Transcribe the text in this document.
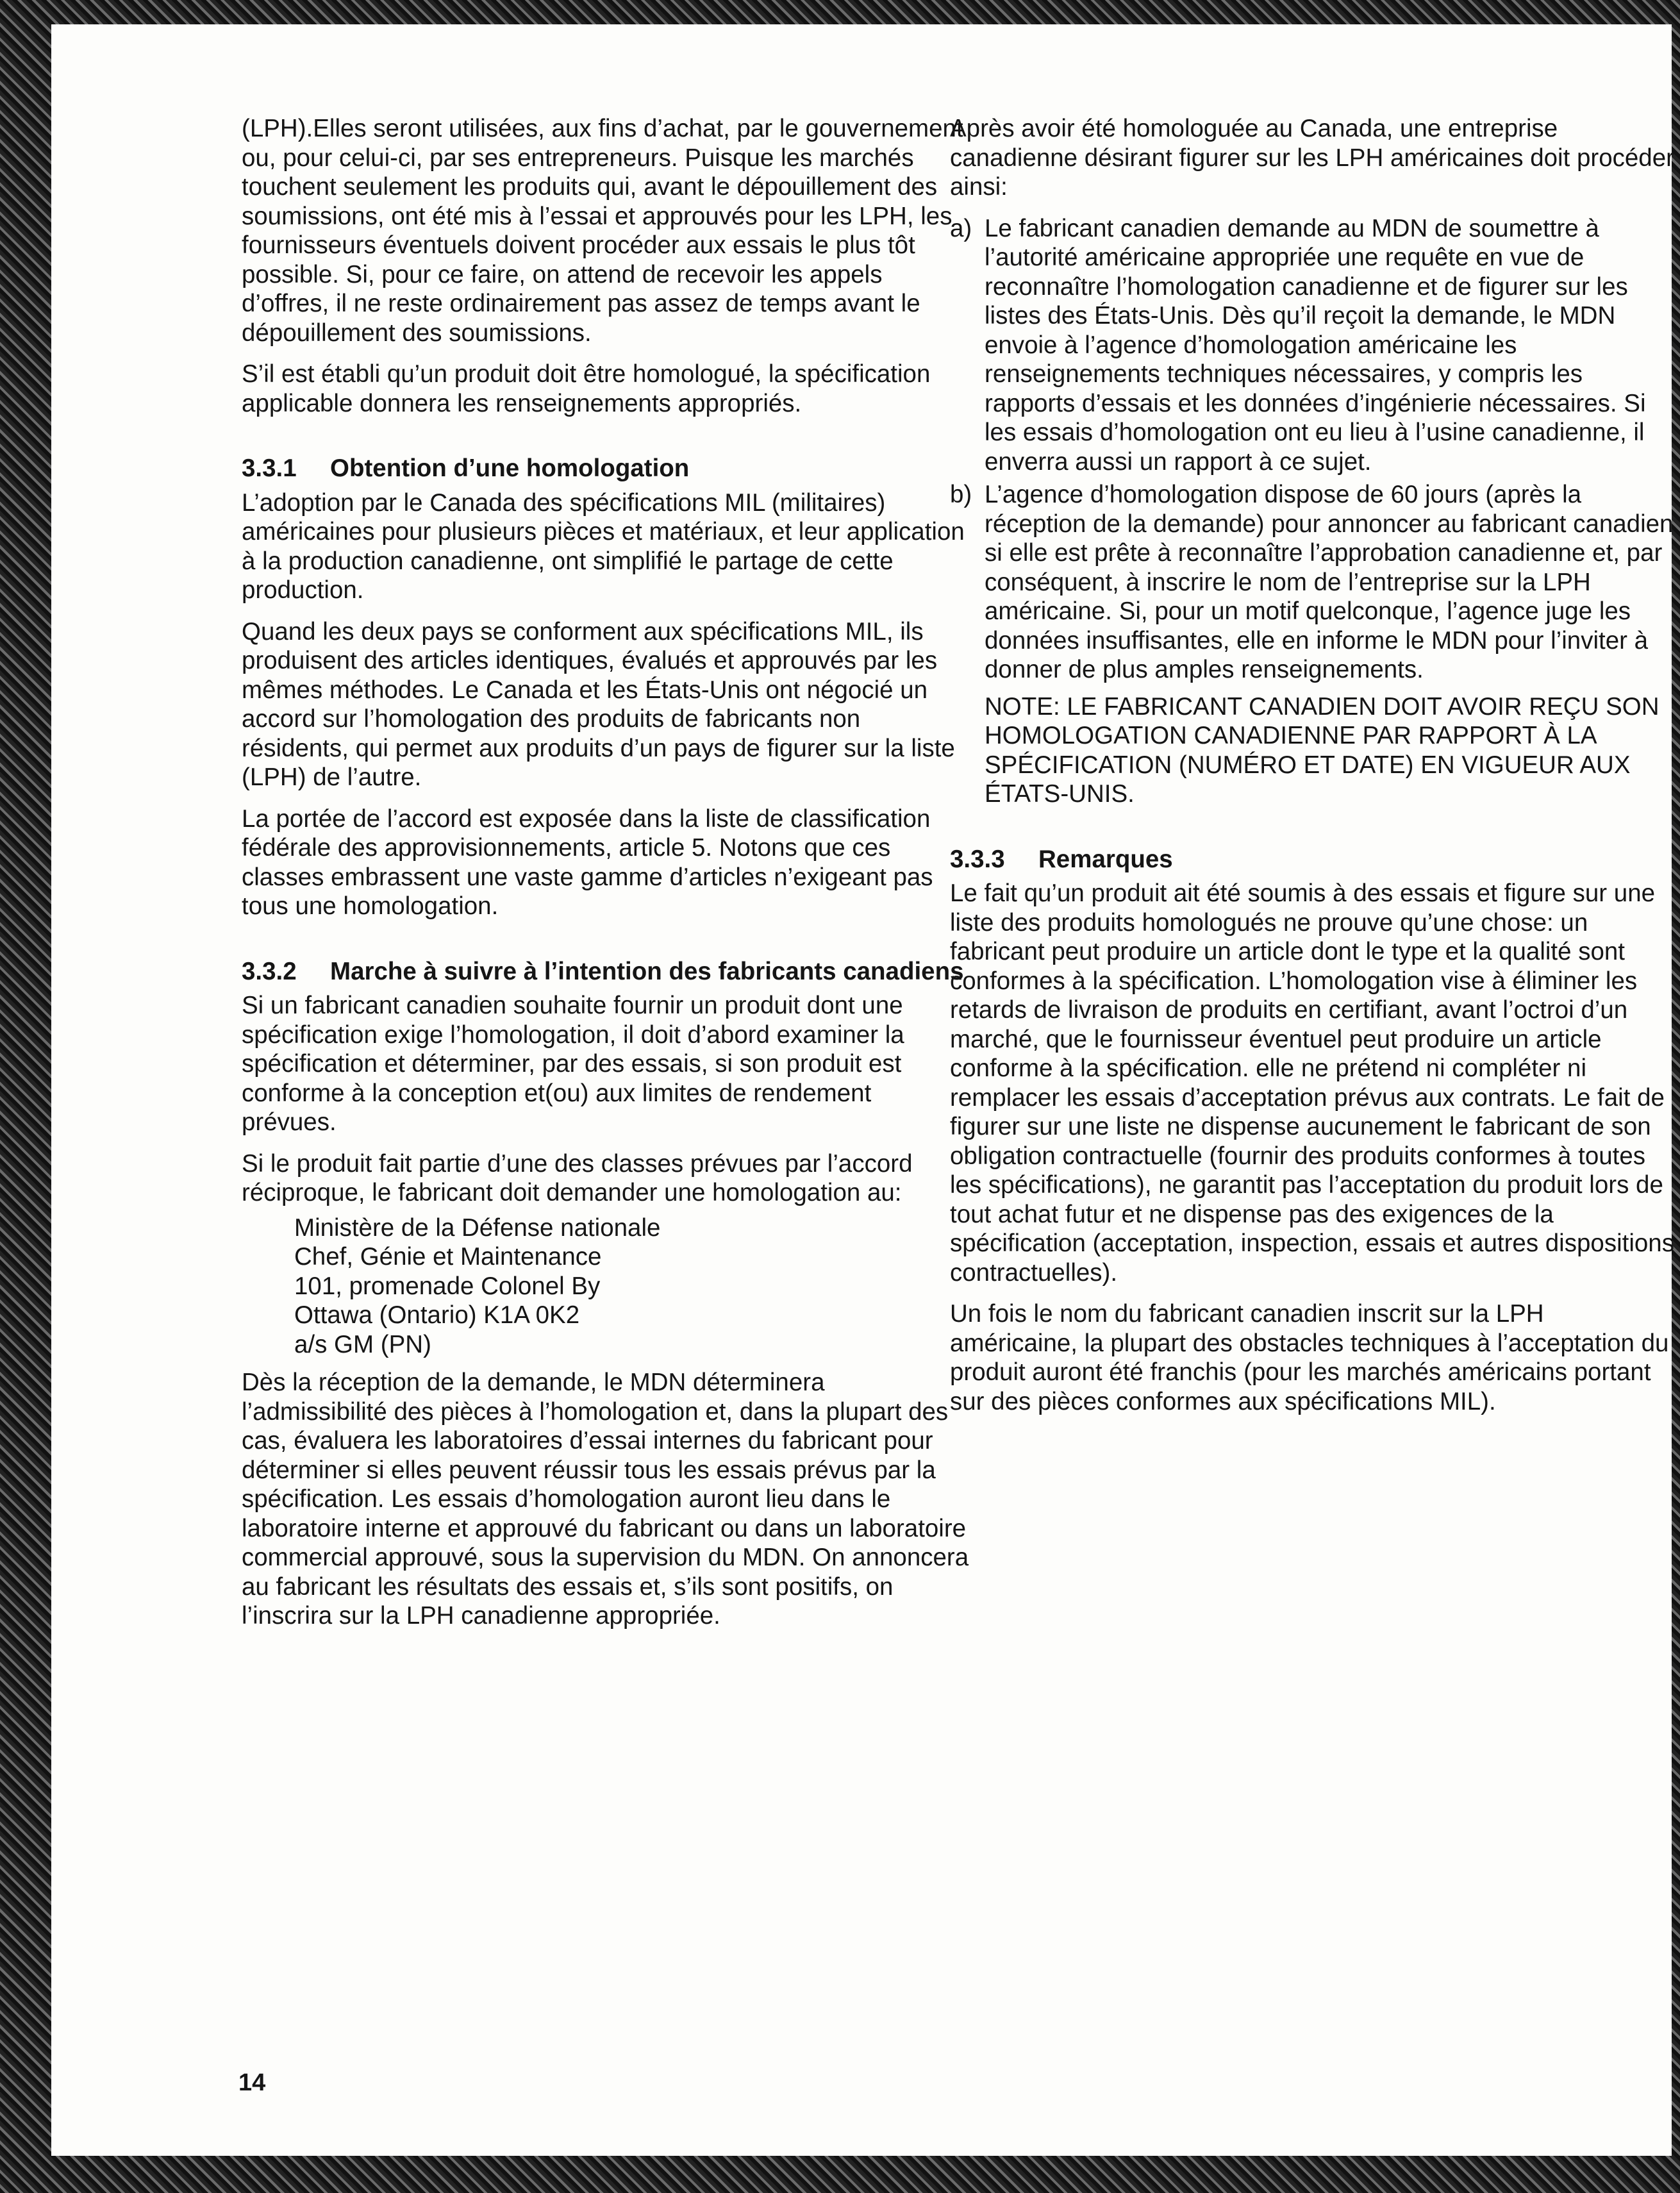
(LPH).Elles seront utilisées, aux fins d’achat, par le gouvernement ou, pour celui-ci, par ses entrepreneurs. Puisque les marchés touchent seulement les produits qui, avant le dépouillement des soumissions, ont été mis à l’essai et approuvés pour les LPH, les fournisseurs éventuels doivent procéder aux essais le plus tôt possible. Si, pour ce faire, on attend de recevoir les appels d’offres, il ne reste ordinairement pas assez de temps avant le dépouillement des soumissions.

S’il est établi qu’un produit doit être homologué, la spécification applicable donnera les renseignements appropriés.

3.3.1	Obtention d’une homologation

L’adoption par le Canada des spécifications MIL (militaires) américaines pour plusieurs pièces et matériaux, et leur application à la production canadienne, ont simplifié le partage de cette production.

Quand les deux pays se conforment aux spécifications MIL, ils produisent des articles identiques, évalués et approuvés par les mêmes méthodes. Le Canada et les États-Unis ont négocié un accord sur l’homologation des produits de fabricants non résidents, qui permet aux produits d’un pays de figurer sur la liste (LPH) de l’autre.

La portée de l’accord est exposée dans la liste de classification fédérale des approvisionnements, article 5. Notons que ces classes embrassent une vaste gamme d’articles n’exigeant pas tous une homologation.

3.3.2	Marche à suivre à l’intention des fabricants canadiens

Si un fabricant canadien souhaite fournir un produit dont une spécification exige l’homologation, il doit d’abord examiner la spécification et déterminer, par des essais, si son produit est conforme à la conception et(ou) aux limites de rendement prévues.

Si le produit fait partie d’une des classes prévues par l’accord réciproque, le fabricant doit demander une homologation au:

Ministère de la Défense nationale
Chef, Génie et Maintenance
101, promenade Colonel By
Ottawa (Ontario) K1A 0K2
a/s GM (PN)

Dès la réception de la demande, le MDN déterminera l’admissibilité des pièces à l’homologation et, dans la plupart des cas, évaluera les laboratoires d’essai internes du fabricant pour déterminer si elles peuvent réussir tous les essais prévus par la spécification. Les essais d’homologation auront lieu dans le laboratoire interne et approuvé du fabricant ou dans un laboratoire commercial approuvé, sous la supervision du MDN. On annoncera au fabricant les résultats des essais et, s’ils sont positifs, on l’inscrira sur la LPH canadienne appropriée.

Après avoir été homologuée au Canada, une entreprise canadienne désirant figurer sur les LPH américaines doit procéder ainsi:

a) Le fabricant canadien demande au MDN de soumettre à l’autorité américaine appropriée une requête en vue de reconnaître l’homologation canadienne et de figurer sur les listes des États-Unis. Dès qu’il reçoit la demande, le MDN envoie à l’agence d’homologation américaine les renseignements techniques nécessaires, y compris les rapports d’essais et les données d’ingénierie nécessaires. Si les essais d’homologation ont eu lieu à l’usine canadienne, il enverra aussi un rapport à ce sujet.
b) L’agence d’homologation dispose de 60 jours (après la réception de la demande) pour annoncer au fabricant canadien si elle est prête à reconnaître l’approbation canadienne et, par conséquent, à inscrire le nom de l’entreprise sur la LPH américaine. Si, pour un motif quelconque, l’agence juge les données insuffisantes, elle en informe le MDN pour l’inviter à donner de plus amples renseignements.

NOTE: LE FABRICANT CANADIEN DOIT AVOIR REÇU SON HOMOLOGATION CANADIENNE PAR RAPPORT À LA SPÉCIFICATION (NUMÉRO ET DATE) EN VIGUEUR AUX ÉTATS-UNIS.

3.3.3	Remarques

Le fait qu’un produit ait été soumis à des essais et figure sur une liste des produits homologués ne prouve qu’une chose: un fabricant peut produire un article dont le type et la qualité sont conformes à la spécification. L’homologation vise à éliminer les retards de livraison de produits en certifiant, avant l’octroi d’un marché, que le fournisseur éventuel peut produire un article conforme à la spécification. elle ne prétend ni compléter ni remplacer les essais d’acceptation prévus aux contrats. Le fait de figurer sur une liste ne dispense aucunement le fabricant de son obligation contractuelle (fournir des produits conformes à toutes les spécifications), ne garantit pas l’acceptation du produit lors de tout achat futur et ne dispense pas des exigences de la spécification (acceptation, inspection, essais et autres dispositions contractuelles).

Un fois le nom du fabricant canadien inscrit sur la LPH américaine, la plupart des obstacles techniques à l’acceptation du produit auront été franchis (pour les marchés américains portant sur des pièces conformes aux spécifications MIL).

14
